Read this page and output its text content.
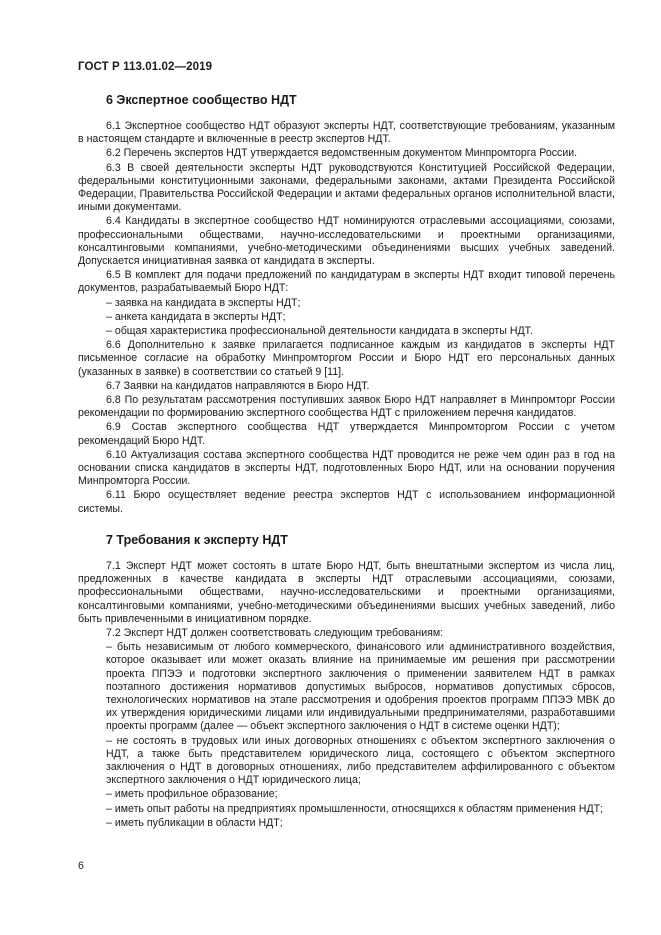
ГОСТ Р 113.01.02—2019
6 Экспертное сообщество НДТ

6.1 Экспертное сообщество НДТ образуют эксперты НДТ, соответствующие требованиям, указанным в настоящем стандарте и включенные в реестр экспертов НДТ.

6.2 Перечень экспертов НДТ утверждается ведомственным документом Минпромторга России.

6.3 В своей деятельности эксперты НДТ руководствуются Конституцией Российской Федерации, федеральными конституционными законами, федеральными законами, актами Президента Российской Федерации, Правительства Российской Федерации и актами федеральных органов исполнительной власти, иными документами.

6.4 Кандидаты в экспертное сообщество НДТ номинируются отраслевыми ассоциациями, союзами, профессиональными обществами, научно-исследовательскими и проектными организациями, консалтинговыми компаниями, учебно-методическими объединениями высших учебных заведений. Допускается инициативная заявка от кандидата в эксперты.

6.5 В комплект для подачи предложений по кандидатурам в эксперты НДТ входит типовой перечень документов, разрабатываемый Бюро НДТ:

– заявка на кандидата в эксперты НДТ;

– анкета кандидата в эксперты НДТ;

– общая характеристика профессиональной деятельности кандидата в эксперты НДТ.

6.6 Дополнительно к заявке прилагается подписанное каждым из кандидатов в эксперты НДТ письменное согласие на обработку Минпромторгом России и Бюро НДТ его персональных данных (указанных в заявке) в соответствии со статьей 9 [11].

6.7 Заявки на кандидатов направляются в Бюро НДТ.

6.8 По результатам рассмотрения поступивших заявок Бюро НДТ направляет в Минпромторг России рекомендации по формированию экспертного сообщества НДТ с приложением перечня кандидатов.

6.9 Состав экспертного сообщества НДТ утверждается Минпромторгом России с учетом рекомендаций Бюро НДТ.

6.10 Актуализация состава экспертного сообщества НДТ проводится не реже чем один раз в год на основании списка кандидатов в эксперты НДТ, подготовленных Бюро НДТ, или на основании поручения Минпромторга России.

6.11 Бюро осуществляет ведение реестра экспертов НДТ с использованием информационной системы.

7 Требования к эксперту НДТ

7.1 Эксперт НДТ может состоять в штате Бюро НДТ, быть внештатными экспертом из числа лиц, предложенных в качестве кандидата в эксперты НДТ отраслевыми ассоциациями, союзами, профессиональными обществами, научно-исследовательскими и проектными организациями, консалтинговыми компаниями, учебно-методическими объединениями высших учебных заведений, либо быть привлеченными в инициативном порядке.

7.2 Эксперт НДТ должен соответствовать следующим требованиям:

– быть независимым от любого коммерческого, финансового или административного воздействия, которое оказывает или может оказать влияние на принимаемые им решения при рассмотрении проекта ППЭЭ и подготовки экспертного заключения о применении заявителем НДТ в рамках поэтапного достижения нормативов допустимых выбросов, нормативов допустимых сбросов, технологических нормативов на этапе рассмотрения и одобрения проектов программ ППЭЭ МВК до их утверждения юридическими лицами или индивидуальными предпринимателями, разработавшими проекты программ (далее — объект экспертного заключения о НДТ в системе оценки НДТ);

– не состоять в трудовых или иных договорных отношениях с объектом экспертного заключения о НДТ, а также быть представителем юридического лица, состоящего с объектом экспертного заключения о НДТ в договорных отношениях, либо представителем аффилированного с объектом экспертного заключения о НДТ юридического лица;

– иметь профильное образование;

– иметь опыт работы на предприятиях промышленности, относящихся к областям применения НДТ;

– иметь публикации в области НДТ;

6
